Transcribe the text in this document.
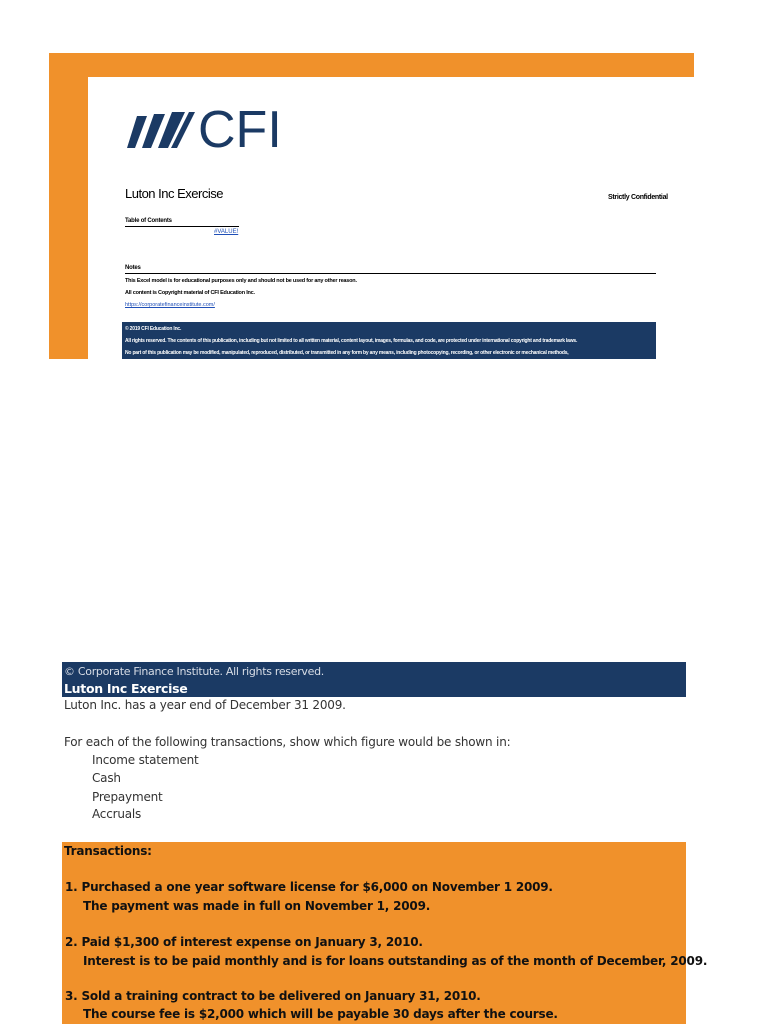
CFI
Luton Inc Exercise	Strictly Confidential
Table of Contents
#VALUE!
Notes
This Excel model is for educational purposes only and should not be used for any other reason.
All content is Copyright material of CFI Education Inc.
https://corporatefinanceinstitute.com/
© 2019 CFI Education Inc.
All rights reserved. The contents of this publication, including but not limited to all written material, content layout, images, formulas, and code, are protected under international copyright and trademark laws.
No part of this publication may be modified, manipulated, reproduced, distributed, or transmitted in any form by any means, including photocopying, recording, or other electronic or mechanical methods,
© Corporate Finance Institute. All rights reserved.
Luton Inc Exercise
Luton Inc. has a year end of December 31 2009.
For each of the following transactions, show which figure would be shown in:
Income statement
Cash
Prepayment
Accruals
Transactions:
1. Purchased a one year software license for $6,000 on November 1 2009.
The payment was made in full on November 1, 2009.
2. Paid $1,300 of interest expense on January 3, 2010.
Interest is to be paid monthly and is for loans outstanding as of the month of December, 2009.
3. Sold a training contract to be delivered on January 31, 2010.
The course fee is $2,000 which will be payable 30 days after the course.
